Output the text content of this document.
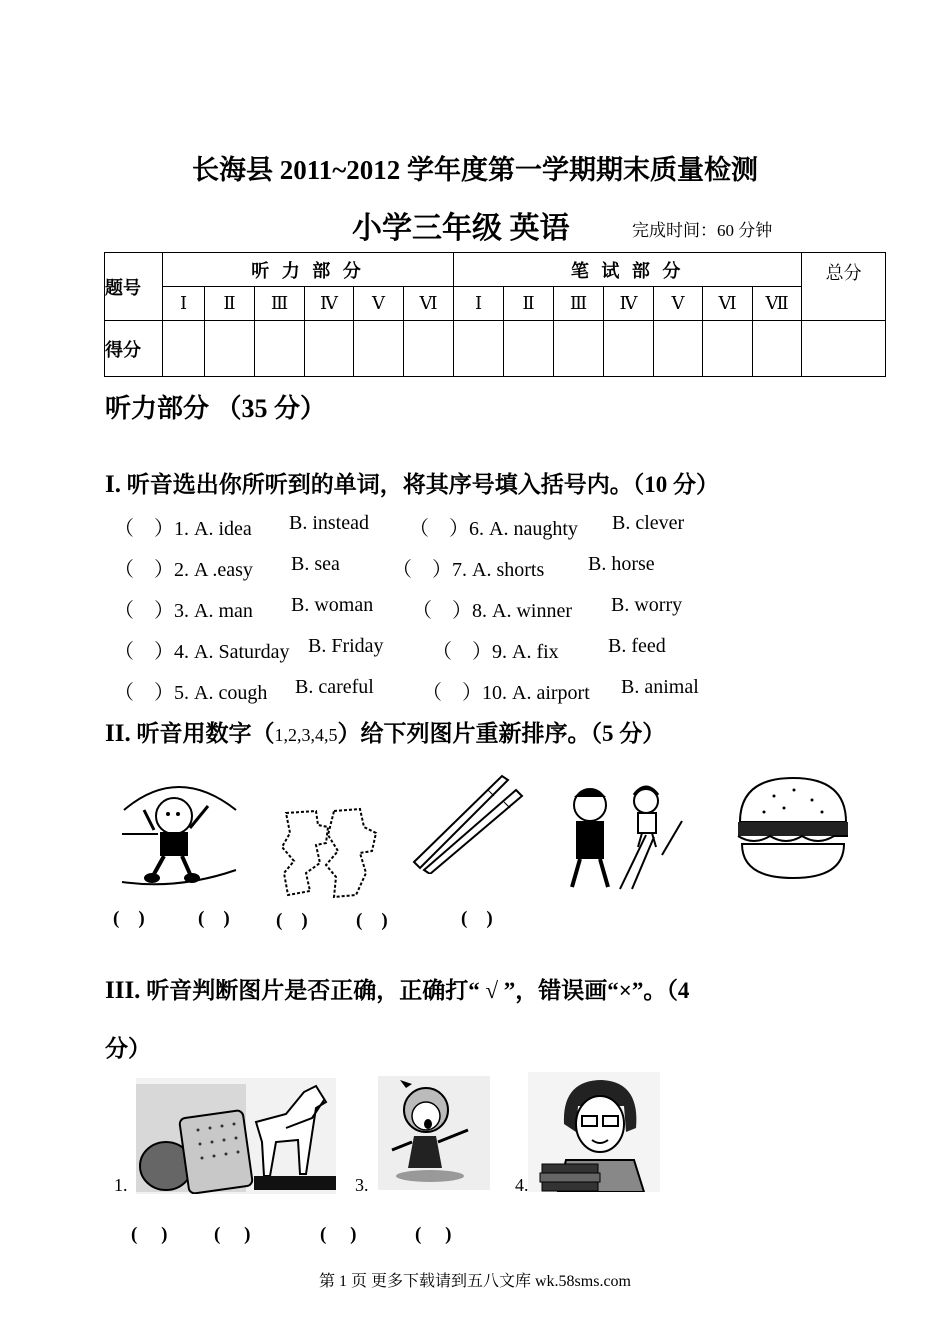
长海县 2011~2012 学年度第一学期期末质量检测
小学三年级 英语	完成时间：60 分钟
题号	听 力 部 分						笔 试 部 分							总分
	Ⅰ	Ⅱ	Ⅲ	Ⅳ	Ⅴ	Ⅵ	Ⅰ	Ⅱ	Ⅲ	Ⅳ	Ⅴ	Ⅵ	Ⅶ	
得分														
听力部分 （35 分）
I. 听音选出你所听到的单词，将其序号填入括号内。（10 分）
（　）1. A. idea B. instead （　）6. A. naughty B. clever
（　）2. A .easy B. sea	（　）7. A. shorts B. horse
（　）3. A. man B. woman （　）8. A. winner B. worry
（　）4. A. Saturday B. Friday （　）9. A. fix B. feed
（　）5. A. cough B. careful （　）10. A. airport B. animal
II. 听音用数字（1,2,3,4,5）给下列图片重新排序。（5 分）
(　)	(　) (　)	(　)	(　)
III. 听音判断图片是否正确，正确打“ √ ”，错误画“×”。（4
分）
1.	3.	4.
(　 ) (　 )	(　 )	(　 )
第 1 页 更多下载请到五八文库 wk.58sms.com
